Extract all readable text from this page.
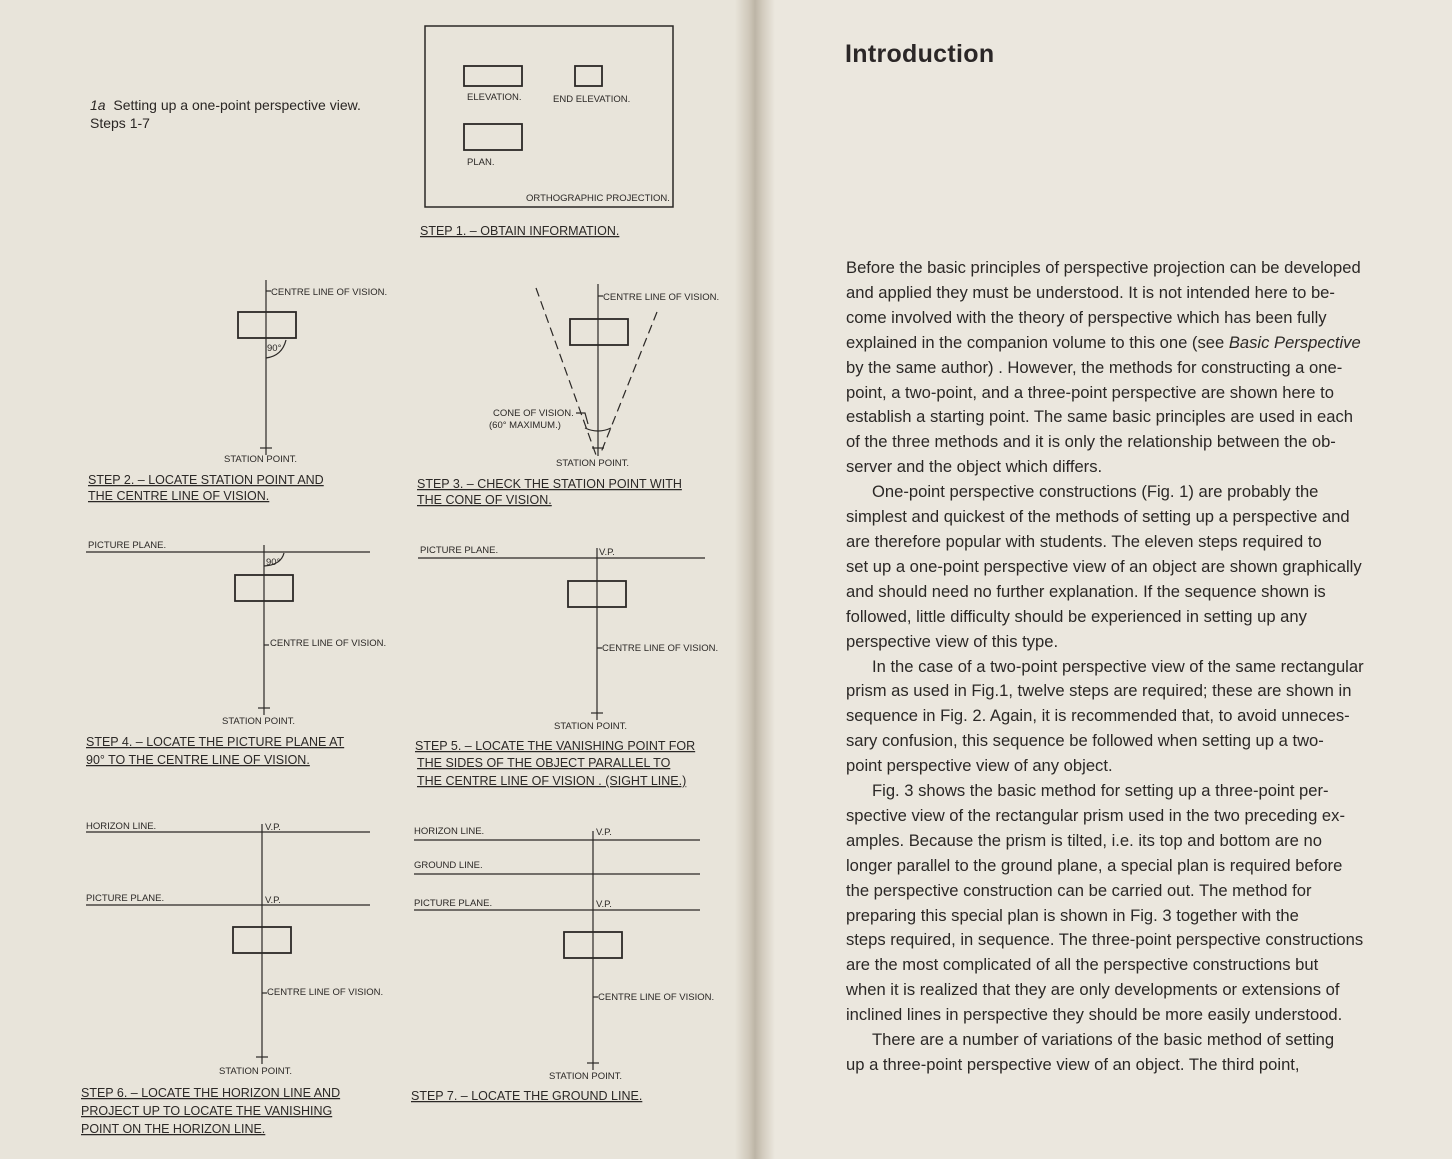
1a Setting up a one-point perspective view. Steps 1-7
ELEVATION.	END ELEVATION.
PLAN.
ORTHOGRAPHIC PROJECTION.
STEP 1. – OBTAIN INFORMATION.
CENTRE LINE OF VISION.
90°
STATION POINT.
STEP 2. – LOCATE STATION POINT AND
THE CENTRE LINE OF VISION.
CENTRE LINE OF VISION.
CONE OF VISION.
(60° MAXIMUM.)
STATION POINT.
STEP 3. – CHECK THE STATION POINT WITH
THE CONE OF VISION.
PICTURE PLANE.
90°
CENTRE LINE OF VISION.
STATION POINT.
STEP 4. – LOCATE THE PICTURE PLANE AT
90° TO THE CENTRE LINE OF VISION.
PICTURE PLANE.	V.P.
CENTRE LINE OF VISION.
STATION POINT.
STEP 5. – LOCATE THE VANISHING POINT FOR
THE SIDES OF THE OBJECT PARALLEL TO
THE CENTRE LINE OF VISION . (SIGHT LINE.)
HORIZON LINE.	V.P.
PICTURE PLANE.	V.P.
CENTRE LINE OF VISION.
STATION POINT.
STEP 6. – LOCATE THE HORIZON LINE AND
PROJECT UP TO LOCATE THE VANISHING
POINT ON THE HORIZON LINE.
HORIZON LINE.	V.P.
GROUND LINE.
PICTURE PLANE.	V.P.
CENTRE LINE OF VISION.
STATION POINT.
STEP 7. – LOCATE THE GROUND LINE.
Introduction

Before the basic principles of perspective projection can be developed
and applied they must be understood. It is not intended here to be-
come involved with the theory of perspective which has been fully
explained in the companion volume to this one (see Basic Perspective
by the same author) . However, the methods for constructing a one-
point, a two-point, and a three-point perspective are shown here to
establish a starting point. The same basic principles are used in each
of the three methods and it is only the relationship between the ob-
server and the object which differs.

One-point perspective constructions (Fig. 1) are probably the
simplest and quickest of the methods of setting up a perspective and
are therefore popular with students. The eleven steps required to
set up a one-point perspective view of an object are shown graphically
and should need no further explanation. If the sequence shown is
followed, little difficulty should be experienced in setting up any
perspective view of this type.

In the case of a two-point perspective view of the same rectangular
prism as used in Fig.1, twelve steps are required; these are shown in
sequence in Fig. 2. Again, it is recommended that, to avoid unneces-
sary confusion, this sequence be followed when setting up a two-
point perspective view of any object.

Fig. 3 shows the basic method for setting up a three-point per-
spective view of the rectangular prism used in the two preceding ex-
amples. Because the prism is tilted, i.e. its top and bottom are no
longer parallel to the ground plane, a special plan is required before
the perspective construction can be carried out. The method for
preparing this special plan is shown in Fig. 3 together with the
steps required, in sequence. The three-point perspective constructions
are the most complicated of all the perspective constructions but
when it is realized that they are only developments or extensions of
inclined lines in perspective they should be more easily understood.

There are a number of variations of the basic method of setting
up a three-point perspective view of an object. The third point,
